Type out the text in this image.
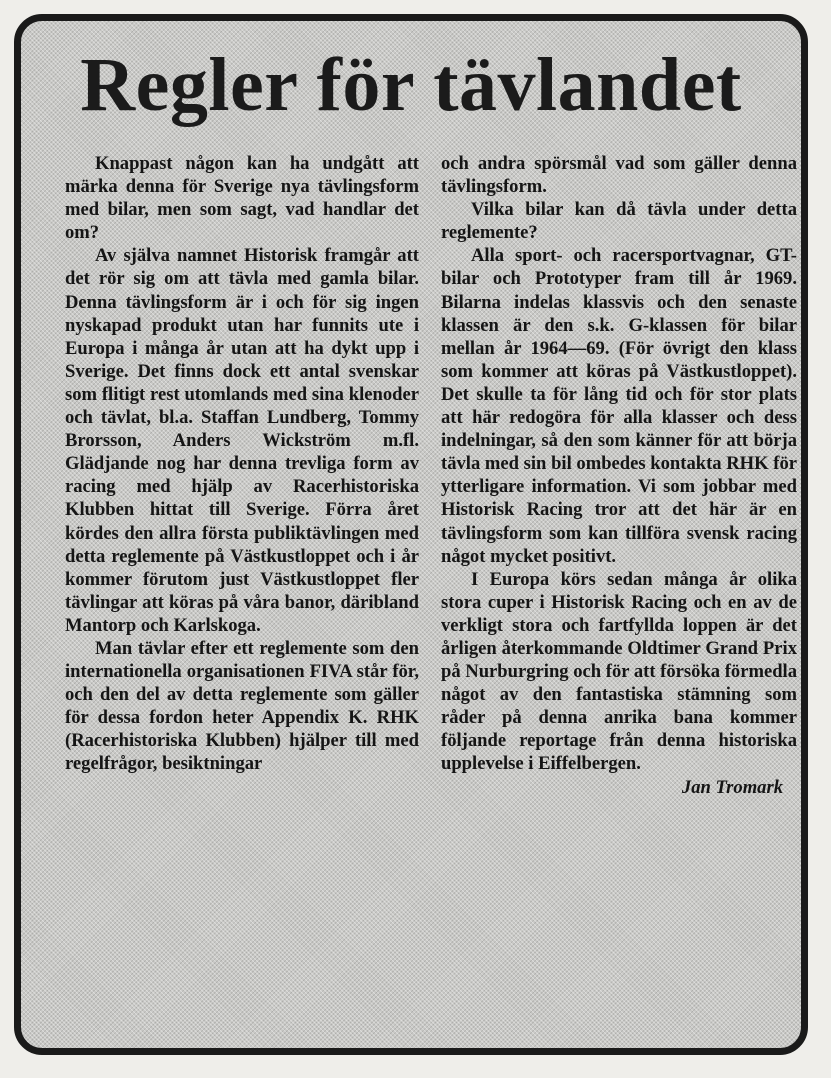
Regler för tävlandet

Knappast någon kan ha undgått att märka denna för Sverige nya tävlingsform med bilar, men som sagt, vad handlar det om?

Av själva namnet Historisk framgår att det rör sig om att tävla med gamla bilar. Denna tävlingsform är i och för sig ingen nyskapad produkt utan har funnits ute i Europa i många år utan att ha dykt upp i Sverige. Det finns dock ett antal svenskar som flitigt rest utomlands med sina klenoder och tävlat, bl.a. Staffan Lundberg, Tommy Brorsson, Anders Wickström m.fl. Glädjande nog har denna trevliga form av racing med hjälp av Racerhistoriska Klubben hittat till Sverige. Förra året kördes den allra första publiktävlingen med detta reglemente på Västkustloppet och i år kommer förutom just Västkustloppet fler tävlingar att köras på våra banor, däribland Mantorp och Karlskoga.

Man tävlar efter ett reglemente som den internationella organisationen FIVA står för, och den del av detta reglemente som gäller för dessa fordon heter Appendix K. RHK (Racerhistoriska Klubben) hjälper till med regelfrågor, besiktningar

och andra spörsmål vad som gäller denna tävlingsform.

Vilka bilar kan då tävla under detta reglemente?

Alla sport- och racersportvagnar, GT-bilar och Prototyper fram till år 1969. Bilarna indelas klassvis och den senaste klassen är den s.k. G-klassen för bilar mellan år 1964—69. (För övrigt den klass som kommer att köras på Västkustloppet). Det skulle ta för lång tid och för stor plats att här redogöra för alla klasser och dess indelningar, så den som känner för att börja tävla med sin bil ombedes kontakta RHK för ytterligare information. Vi som jobbar med Historisk Racing tror att det här är en tävlingsform som kan tillföra svensk racing något mycket positivt.

I Europa körs sedan många år olika stora cuper i Historisk Racing och en av de verkligt stora och fartfyllda loppen är det årligen återkommande Oldtimer Grand Prix på Nurburgring och för att försöka förmedla något av den fantastiska stämning som råder på denna anrika bana kommer följande reportage från denna historiska upplevelse i Eiffelbergen.

Jan Tromark
